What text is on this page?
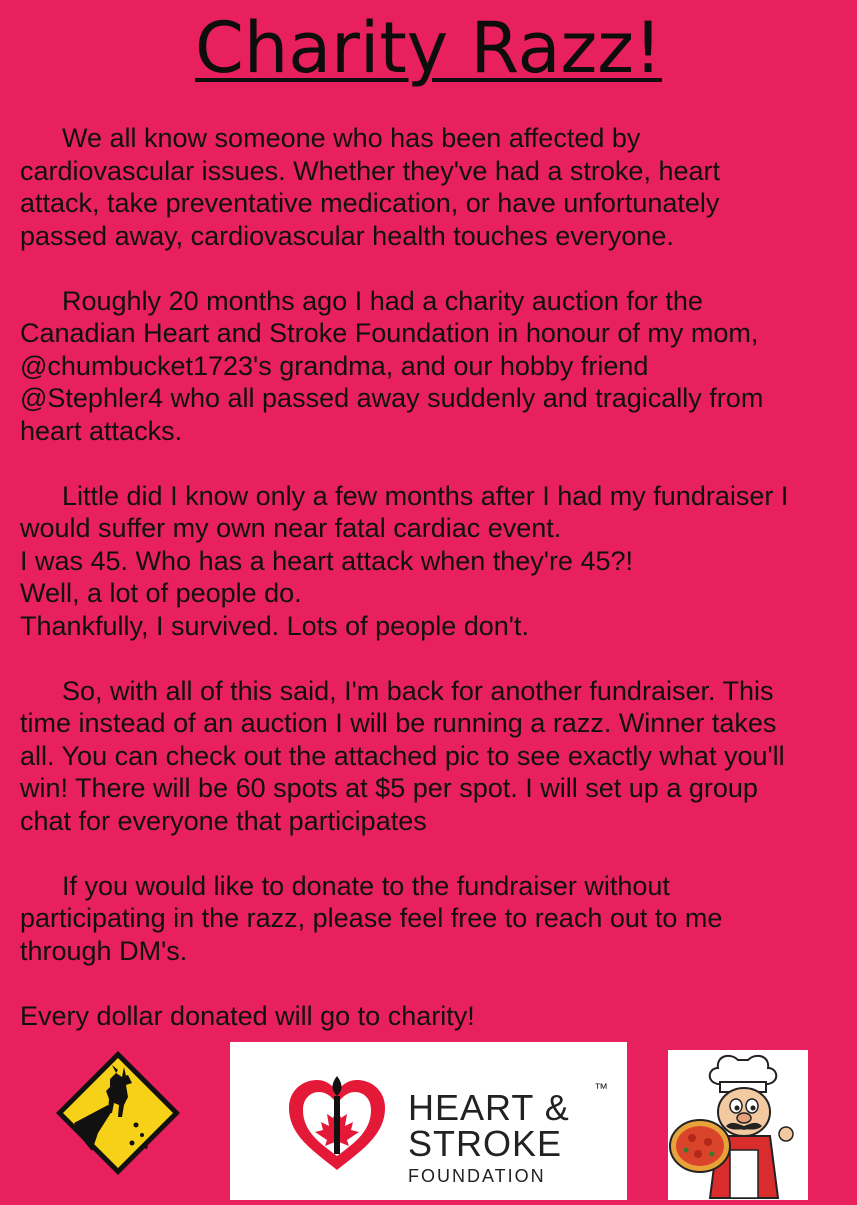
Charity Razz!

We all know someone who has been affected by
cardiovascular issues. Whether they've had a stroke, heart
attack, take preventative medication, or have unfortunately
passed away, cardiovascular health touches everyone.

Roughly 20 months ago I had a charity auction for the
Canadian Heart and Stroke Foundation in honour of my mom,
@chumbucket1723's grandma, and our hobby friend
@Stephler4 who all passed away suddenly and tragically from
heart attacks.

Little did I know only a few months after I had my fundraiser I
would suffer my own near fatal cardiac event.
I was 45. Who has a heart attack when they're 45?!
Well, a lot of people do.
Thankfully, I survived. Lots of people don't.

So, with all of this said, I'm back for another fundraiser. This
time instead of an auction I will be running a razz. Winner takes
all. You can check out the attached pic to see exactly what you'll
win! There will be 60 spots at $5 per spot. I will set up a group
chat for everyone that participates

If you would like to donate to the fundraiser without
participating in the razz, please feel free to reach out to me
through DM's.

Every dollar donated will go to charity!

HEART & ™
STROKE
FOUNDATION
